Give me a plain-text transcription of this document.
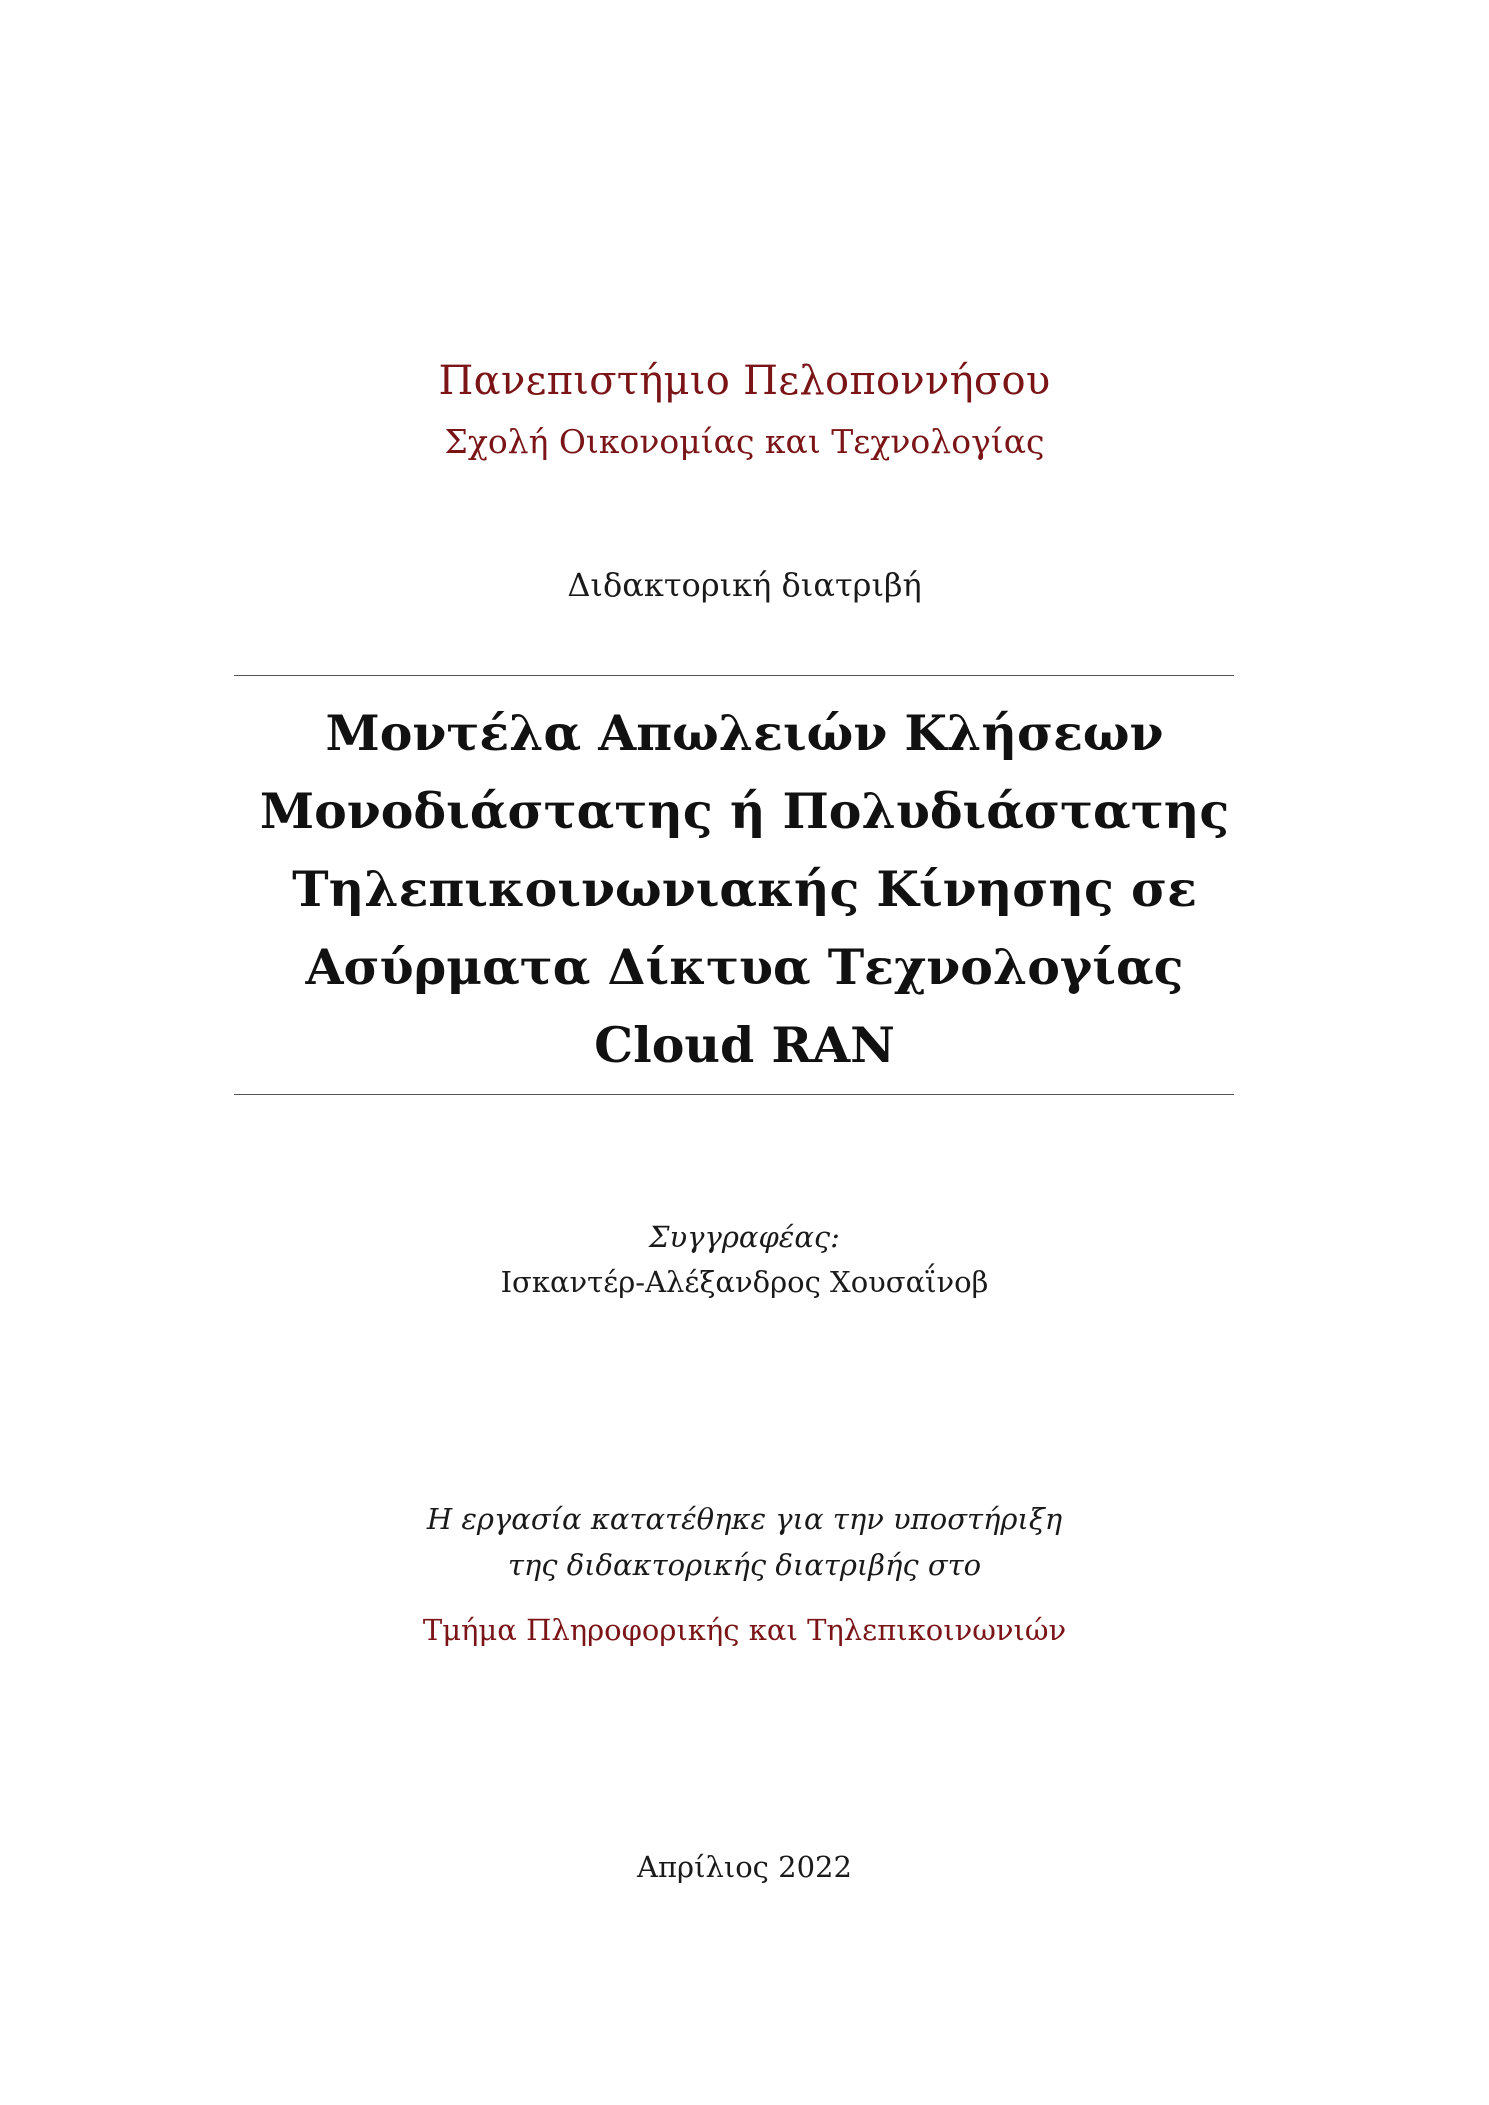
Πανεπιστήμιο Πελοποννήσου
Σχολή Οικονομίας και Τεχνολογίας
Διδακτορική διατριβή
Μοντέλα Απωλειών Κλήσεων
Μονοδιάστατης ή Πολυδιάστατης
Τηλεπικοινωνιακής Κίνησης σε
Ασύρματα Δίκτυα Τεχνολογίας
Cloud RAN
Συγγραφέας:
Ισκαντέρ-Αλέξανδρος Χουσαΐνοβ
Η εργασία κατατέθηκε για την υποστήριξη
της διδακτορικής διατριβής στο
Τμήμα Πληροφορικής και Τηλεπικοινωνιών
Απρίλιος 2022
